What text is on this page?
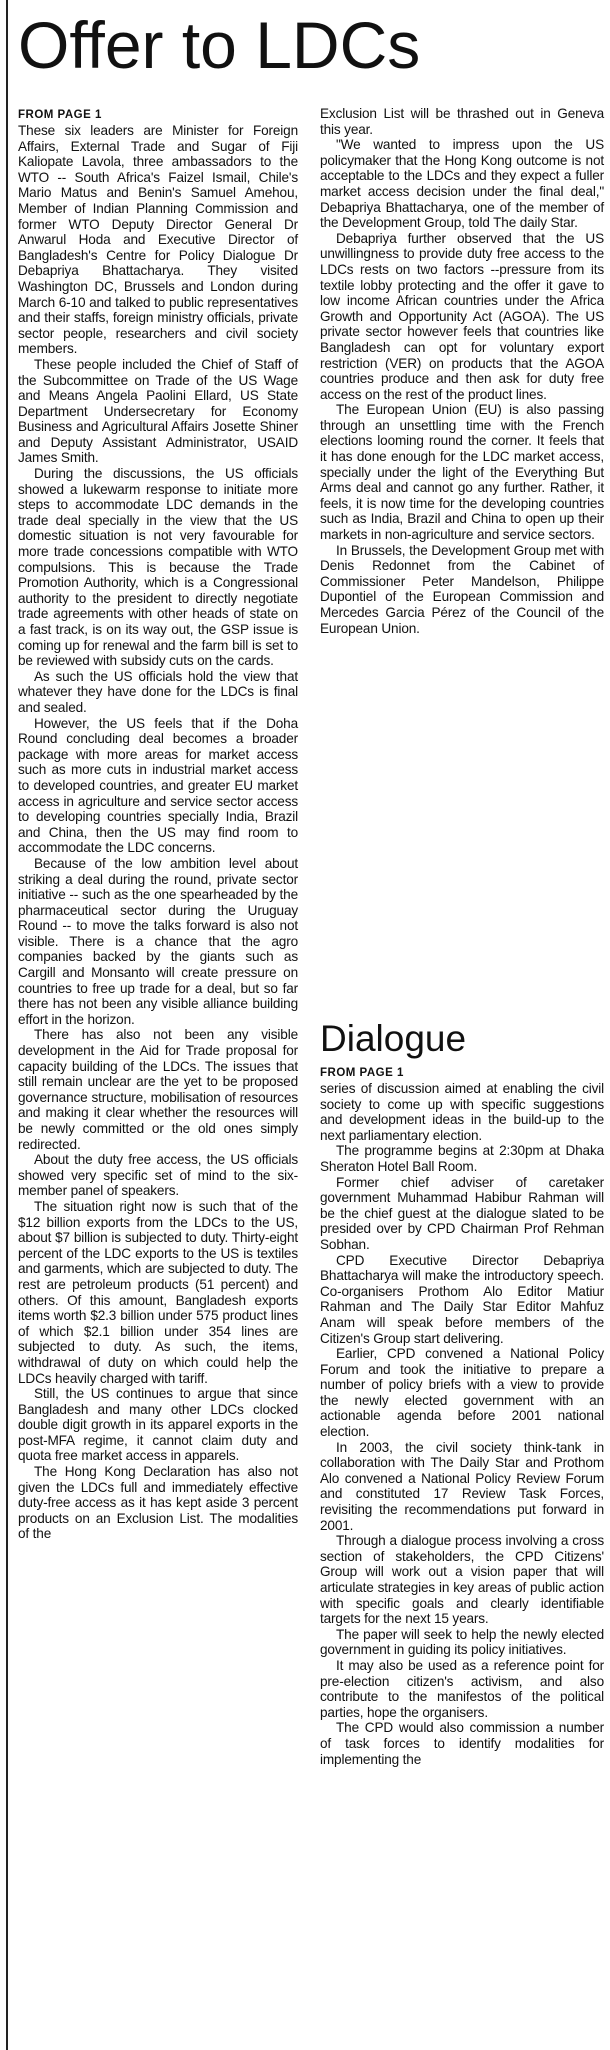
Offer to LDCs
FROM PAGE 1

These six leaders are Minister for Foreign Affairs, External Trade and Sugar of Fiji Kaliopate Lavola, three ambassadors to the WTO -- South Africa's Faizel Ismail, Chile's Mario Matus and Benin's Samuel Amehou, Member of Indian Planning Commission and former WTO Deputy Director General Dr Anwarul Hoda and Executive Director of Bangladesh's Centre for Policy Dialogue Dr Debapriya Bhattacharya. They visited Washington DC, Brussels and London during March 6-10 and talked to public representatives and their staffs, foreign ministry officials, private sector people, researchers and civil society members.

These people included the Chief of Staff of the Subcommittee on Trade of the US Wage and Means Angela Paolini Ellard, US State Department Undersecretary for Economy Business and Agricultural Affairs Josette Shiner and Deputy Assistant Administrator, USAID James Smith.

During the discussions, the US officials showed a lukewarm response to initiate more steps to accommodate LDC demands in the trade deal specially in the view that the US domestic situation is not very favourable for more trade concessions compatible with WTO compulsions. This is because the Trade Promotion Authority, which is a Congressional authority to the president to directly negotiate trade agreements with other heads of state on a fast track, is on its way out, the GSP issue is coming up for renewal and the farm bill is set to be reviewed with subsidy cuts on the cards.

As such the US officials hold the view that whatever they have done for the LDCs is final and sealed.

However, the US feels that if the Doha Round concluding deal becomes a broader package with more areas for market access such as more cuts in industrial market access to developed countries, and greater EU market access in agriculture and service sector access to developing countries specially India, Brazil and China, then the US may find room to accommodate the LDC concerns.

Because of the low ambition level about striking a deal during the round, private sector initiative -- such as the one spearheaded by the pharmaceutical sector during the Uruguay Round -- to move the talks forward is also not visible. There is a chance that the agro companies backed by the giants such as Cargill and Monsanto will create pressure on countries to free up trade for a deal, but so far there has not been any visible alliance building effort in the horizon.

There has also not been any visible development in the Aid for Trade proposal for capacity building of the LDCs. The issues that still remain unclear are the yet to be proposed governance structure, mobilisation of resources and making it clear whether the resources will be newly committed or the old ones simply redirected.

About the duty free access, the US officials showed very specific set of mind to the six-member panel of speakers.

The situation right now is such that of the $12 billion exports from the LDCs to the US, about $7 billion is subjected to duty. Thirty-eight percent of the LDC exports to the US is textiles and garments, which are subjected to duty. The rest are petroleum products (51 percent) and others. Of this amount, Bangladesh exports items worth $2.3 billion under 575 product lines of which $2.1 billion under 354 lines are subjected to duty. As such, the items, withdrawal of duty on which could help the LDCs heavily charged with tariff.

Still, the US continues to argue that since Bangladesh and many other LDCs clocked double digit growth in its apparel exports in the post-MFA regime, it cannot claim duty and quota free market access in apparels.

The Hong Kong Declaration has also not given the LDCs full and immediately effective duty-free access as it has kept aside 3 percent products on an Exclusion List. The modalities of the

Exclusion List will be thrashed out in Geneva this year.

"We wanted to impress upon the US policymaker that the Hong Kong outcome is not acceptable to the LDCs and they expect a fuller market access decision under the final deal," Debapriya Bhattacharya, one of the member of the Development Group, told The daily Star.

Debapriya further observed that the US unwillingness to provide duty free access to the LDCs rests on two factors --pressure from its textile lobby protecting and the offer it gave to low income African countries under the Africa Growth and Opportunity Act (AGOA). The US private sector however feels that countries like Bangladesh can opt for voluntary export restriction (VER) on products that the AGOA countries produce and then ask for duty free access on the rest of the product lines.

The European Union (EU) is also passing through an unsettling time with the French elections looming round the corner. It feels that it has done enough for the LDC market access, specially under the light of the Everything But Arms deal and cannot go any further. Rather, it feels, it is now time for the developing countries such as India, Brazil and China to open up their markets in non-agriculture and service sectors.

In Brussels, the Development Group met with Denis Redonnet from the Cabinet of Commissioner Peter Mandelson, Philippe Dupontiel of the European Commission and Mercedes Garcia Pérez of the Council of the European Union.

Dialogue
FROM PAGE 1

series of discussion aimed at enabling the civil society to come up with specific suggestions and development ideas in the build-up to the next parliamentary election.

The programme begins at 2:30pm at Dhaka Sheraton Hotel Ball Room.

Former chief adviser of caretaker government Muhammad Habibur Rahman will be the chief guest at the dialogue slated to be presided over by CPD Chairman Prof Rehman Sobhan.

CPD Executive Director Debapriya Bhattacharya will make the introductory speech. Co-organisers Prothom Alo Editor Matiur Rahman and The Daily Star Editor Mahfuz Anam will speak before members of the Citizen's Group start delivering.

Earlier, CPD convened a National Policy Forum and took the initiative to prepare a number of policy briefs with a view to provide the newly elected government with an actionable agenda before 2001 national election.

In 2003, the civil society think-tank in collaboration with The Daily Star and Prothom Alo convened a National Policy Review Forum and constituted 17 Review Task Forces, revisiting the recommendations put forward in 2001.

Through a dialogue process involving a cross section of stakeholders, the CPD Citizens' Group will work out a vision paper that will articulate strategies in key areas of public action with specific goals and clearly identifiable targets for the next 15 years.

The paper will seek to help the newly elected government in guiding its policy initiatives.

It may also be used as a reference point for pre-election citizen's activism, and also contribute to the manifestos of the political parties, hope the organisers.

The CPD would also commission a number of task forces to identify modalities for implementing the
